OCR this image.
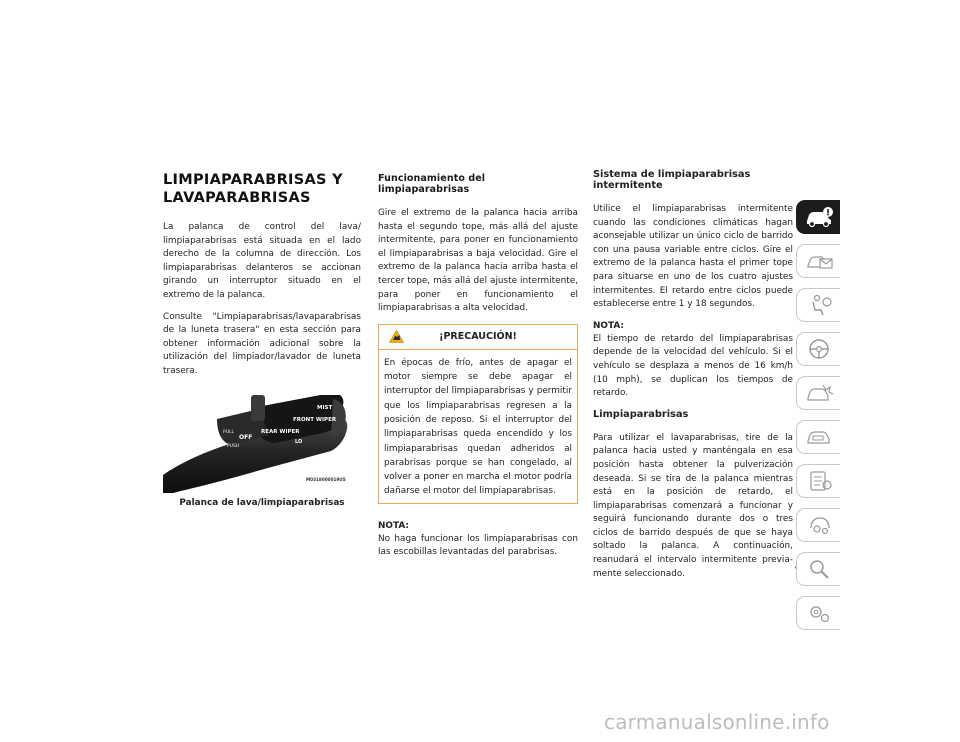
LIMPIAPARABRISAS Y LAVAPARABRISAS

La palanca de control del lava/ limpiaparabrisas está situada en el lado derecho de la columna de dirección. Los limpiaparabrisas delanteros se accionan girando un interruptor situado en el extremo de la palanca.

Consulte "Limpiaparabrisas/lavaparabrisas de la luneta trasera" en esta sección para obtener información adicional sobre la utilización del limpiador/lavador de luneta trasera.

PULL
PUSH
OFF
REAR WIPER
FRONT WIPER
MIST
LO
M0318000019US
Palanca de lava/limpiaparabrisas
Funcionamiento del limpiaparabrisas

Gire el extremo de la palanca hacia arriba hasta el segundo tope, más allá del ajuste intermitente, para poner en funcionamiento el limpiaparabrisas a baja velocidad. Gire el extremo de la palanca hacia arriba hasta el tercer tope, más allá del ajuste intermitente, para poner en funcionamiento el limpiaparabrisas a alta velocidad.

¡PRECAUCIÓN!

En épocas de frío, antes de apagar el motor siempre se debe apagar el interruptor del limpiaparabrisas y permitir que los limpiaparabrisas regresen a la posición de reposo. Si el interruptor del limpiaparabrisas queda encendido y los limpiaparabrisas quedan adheridos al parabrisas porque se han congelado, al volver a poner en marcha el motor podría dañarse el motor del limpiaparabrisas.

NOTA:

No haga funcionar los limpiaparabrisas con las escobillas levantadas del parabrisas.

Sistema de limpiaparabrisas intermitente

Utilice el limpiaparabrisas intermitente cuando las condiciones climáticas hagan aconsejable utilizar un único ciclo de barrido con una pausa variable entre ciclos. Gire el extremo de la palanca hasta el primer tope para situarse en uno de los cuatro ajustes intermitentes. El retardo entre ciclos puede establecerse entre 1 y 18 segundos.

NOTA:

El tiempo de retardo del limpiaparabrisas depende de la velocidad del vehículo. Si el vehículo se desplaza a menos de 16 km/h (10 mph), se duplican los tiempos de retardo.

Limpiaparabrisas

Para utilizar el lavaparabrisas, tire de la palanca hacia usted y manténgala en esa posición hasta obtener la pulverización deseada. Si se tira de la palanca mientras está en la posición de retardo, el limpiaparabrisas comenzará a funcionar y seguirá funcionando durante dos o tres ciclos de barrido después de que se haya soltado la palanca. A continuación, reanudará el intervalo intermitente previa- mente seleccionado.

carmanualsonline.info
